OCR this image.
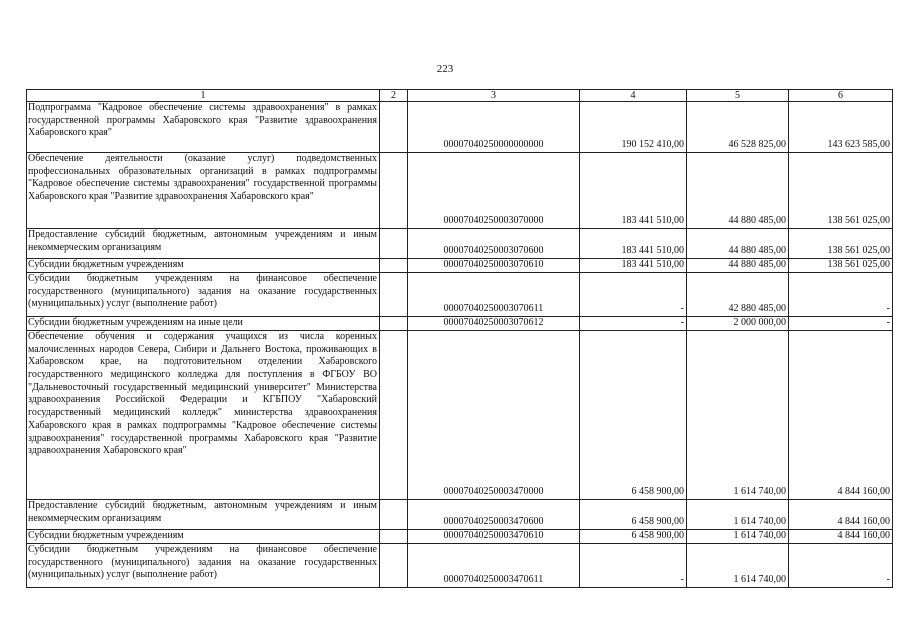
223
1	2	3	4	5	6
Подпрограмма "Кадровое обеспечение системы здравоохранения" в рамках государственной программы Хабаровского края "Развитие здравоохранения Хабаровского края"		00007040250000000000	190 152 410,00	46 528 825,00	143 623 585,00
Обеспечение деятельности (оказание услуг) подведомственных профессиональных образовательных организаций в рамках подпрограммы "Кадровое обеспечение системы здравоохранения" государственной программы Хабаровского края "Развитие здравоохранения Хабаровского края"		00007040250003070000	183 441 510,00	44 880 485,00	138 561 025,00
Предоставление субсидий бюджетным, автономным учреждениям и иным некоммерческим организациям		00007040250003070600	183 441 510,00	44 880 485,00	138 561 025,00
Субсидии бюджетным учреждениям		00007040250003070610	183 441 510,00	44 880 485,00	138 561 025,00
Субсидии бюджетным учреждениям на финансовое обеспечение государственного (муниципального) задания на оказание государственных (муниципальных) услуг (выполнение работ)		00007040250003070611	-	42 880 485,00	-
Субсидии бюджетным учреждениям на иные цели		00007040250003070612	-	2 000 000,00	-
Обеспечение обучения и содержания учащихся из числа коренных малочисленных народов Севера, Сибири и Дальнего Востока, проживающих в Хабаровском крае, на подготовительном отделении Хабаровского государственного медицинского колледжа для поступления в ФГБОУ ВО "Дальневосточный государственный медицинский университет" Министерства здравоохранения Российской Федерации и КГБПОУ "Хабаровский государственный медицинский колледж" министерства здравоохранения Хабаровского края в рамках подпрограммы "Кадровое обеспечение системы здравоохранения" государственной программы Хабаровского края "Развитие здравоохранения Хабаровского края"		00007040250003470000	6 458 900,00	1 614 740,00	4 844 160,00
Предоставление субсидий бюджетным, автономным учреждениям и иным некоммерческим организациям		00007040250003470600	6 458 900,00	1 614 740,00	4 844 160,00
Субсидии бюджетным учреждениям		00007040250003470610	6 458 900,00	1 614 740,00	4 844 160,00
Субсидии бюджетным учреждениям на финансовое обеспечение государственного (муниципального) задания на оказание государственных (муниципальных) услуг (выполнение работ)		00007040250003470611	-	1 614 740,00	-
